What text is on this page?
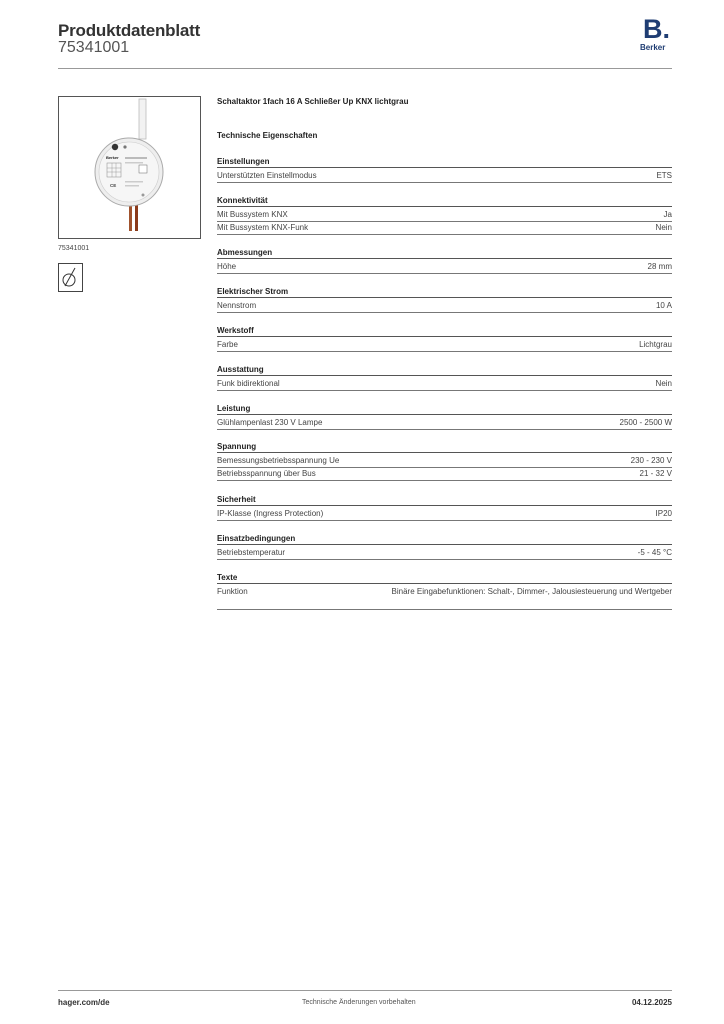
Produktdatenblatt
75341001
B.
Berker
Berker
CE
75341001
Schaltaktor 1fach 16 A Schließer Up KNX lichtgrau
Technische Eigenschaften
Einstellungen
Unterstützten Einstellmodus	ETS
Konnektivität
Mit Bussystem KNX	Ja
Mit Bussystem KNX-Funk	Nein
Abmessungen
Höhe	28 mm
Elektrischer Strom
Nennstrom	10 A
Werkstoff
Farbe	Lichtgrau
Ausstattung
Funk bidirektional	Nein
Leistung
Glühlampenlast 230 V Lampe	2500 - 2500 W
Spannung
Bemessungsbetriebsspannung Ue	230 - 230 V
Betriebsspannung über Bus	21 - 32 V
Sicherheit
IP-Klasse (Ingress Protection)	IP20
Einsatzbedingungen
Betriebstemperatur	-5 - 45 °C
Texte
Funktion	Binäre Eingabefunktionen: Schalt-, Dimmer-, Jalousiesteuerung und Wertgeber
hager.com/de	Technische Änderungen vorbehalten	04.12.2025
